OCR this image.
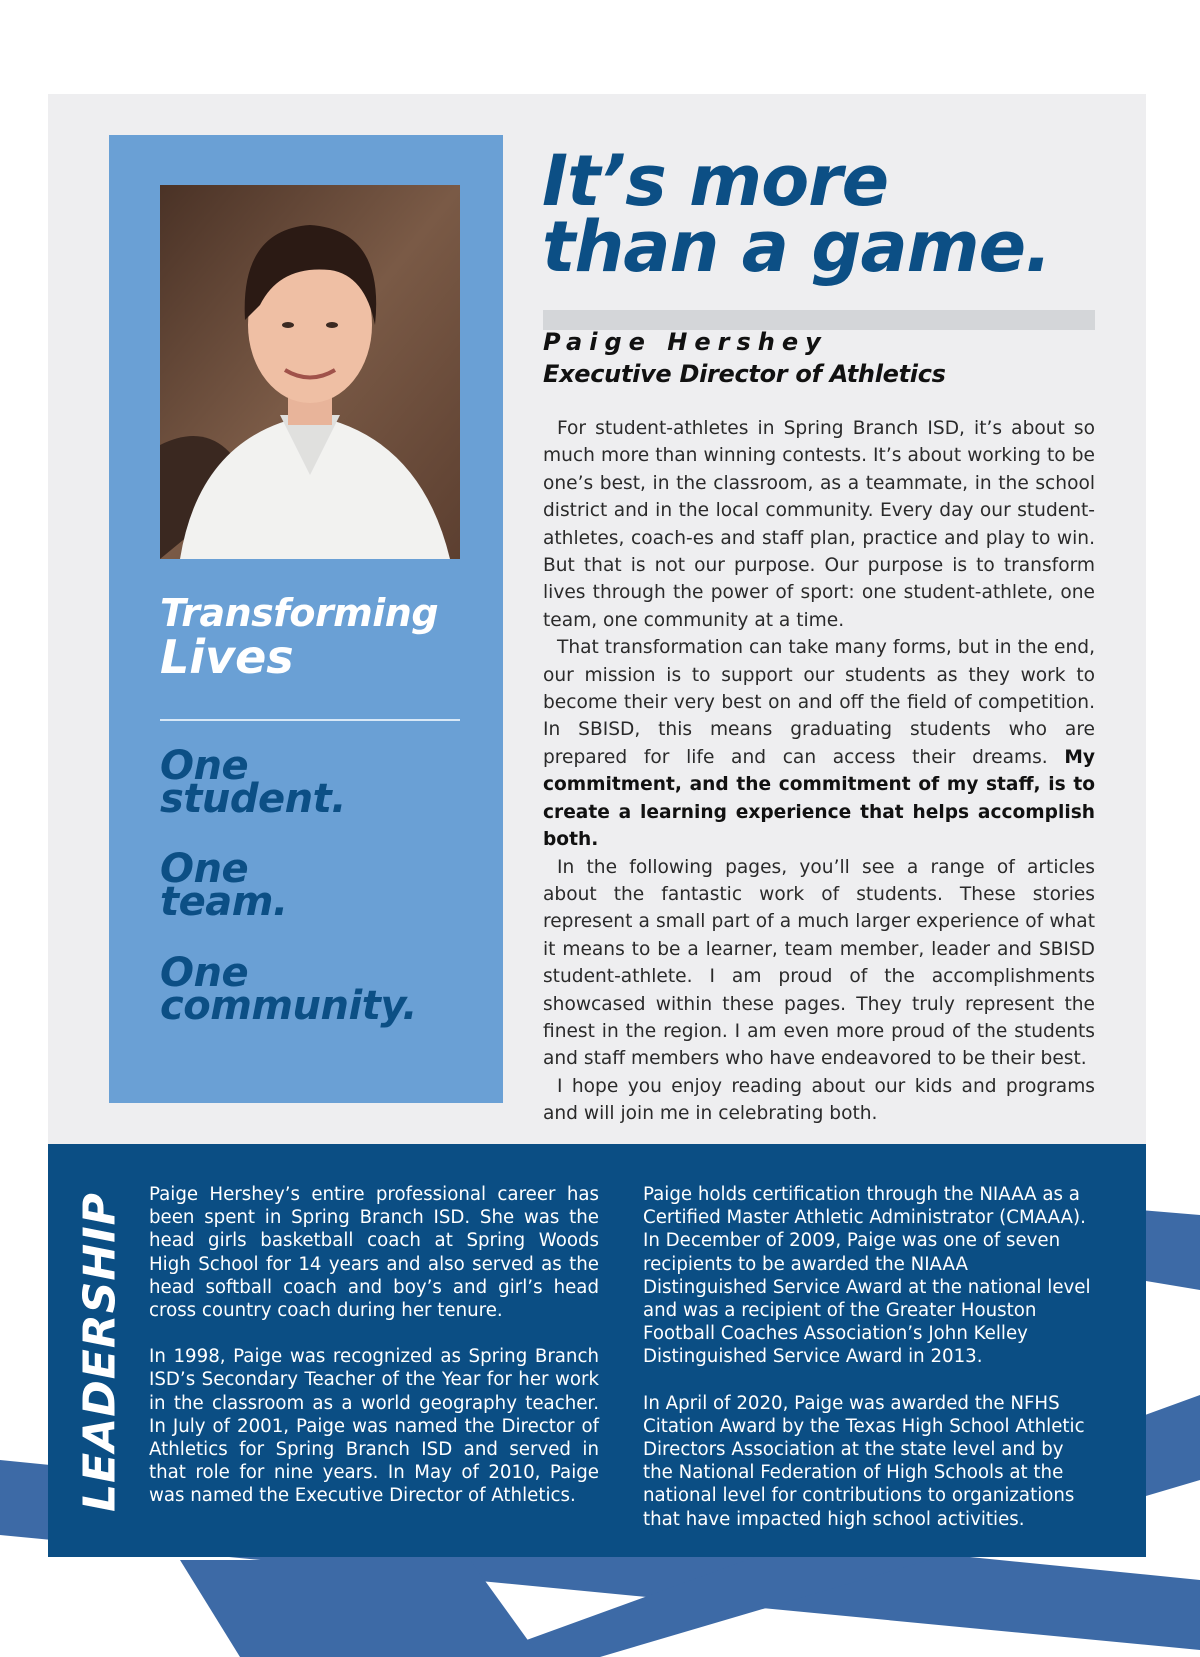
Transforming
Lives
One
student.
One
team.
One
community.
It’s more
than a game.
Paige Hershey
Executive Director of Athletics

For student-athletes in Spring Branch ISD, it’s about so much more than winning contests. It’s about working to be one’s best, in the classroom, as a teammate, in the school district and in the local community. Every day our student-athletes, coach-es and staff plan, practice and play to win. But that is not our purpose. Our purpose is to transform lives through the power of sport: one student-athlete, one team, one community at a time.

That transformation can take many forms, but in the end, our mission is to support our students as they work to become their very best on and off the field of competition. In SBISD, this means graduating students who are prepared for life and can access their dreams. My commitment, and the commitment of my staff, is to create a learning experience that helps accomplish both.

In the following pages, you’ll see a range of articles about the fantastic work of students. These stories represent a small part of a much larger experience of what it means to be a learner, team member, leader and SBISD student-athlete. I am proud of the accomplishments showcased within these pages. They truly represent the finest in the region. I am even more proud of the students and staff members who have endeavored to be their best.

I hope you enjoy reading about our kids and programs and will join me in celebrating both.

LEADERSHIP Paige Hershey’s entire professional career has been spent in Spring Branch ISD. She was the head girls basketball coach at Spring Woods High School for 14 years and also served as the head softball coach and boy’s and girl’s head cross country coach during her tenure.

In 1998, Paige was recognized as Spring Branch ISD’s Secondary Teacher of the Year for her work in the classroom as a world geography teacher. In July of 2001, Paige was named the Director of Athletics for Spring Branch ISD and served in that role for nine years. In May of 2010, Paige was named the Executive Director of Athletics.

Paige holds certification through the NIAAA as a Certified Master Athletic Administrator (CMAAA). In December of 2009, Paige was one of seven recipients to be awarded the NIAAA Distinguished Service Award at the national level and was a recipient of the Greater Houston Football Coaches Association’s John Kelley Distinguished Service Award in 2013.

In April of 2020, Paige was awarded the NFHS Citation Award by the Texas High School Athletic Directors Association at the state level and by the National Federation of High Schools at the national level for contributions to organizations that have impacted high school activities.
